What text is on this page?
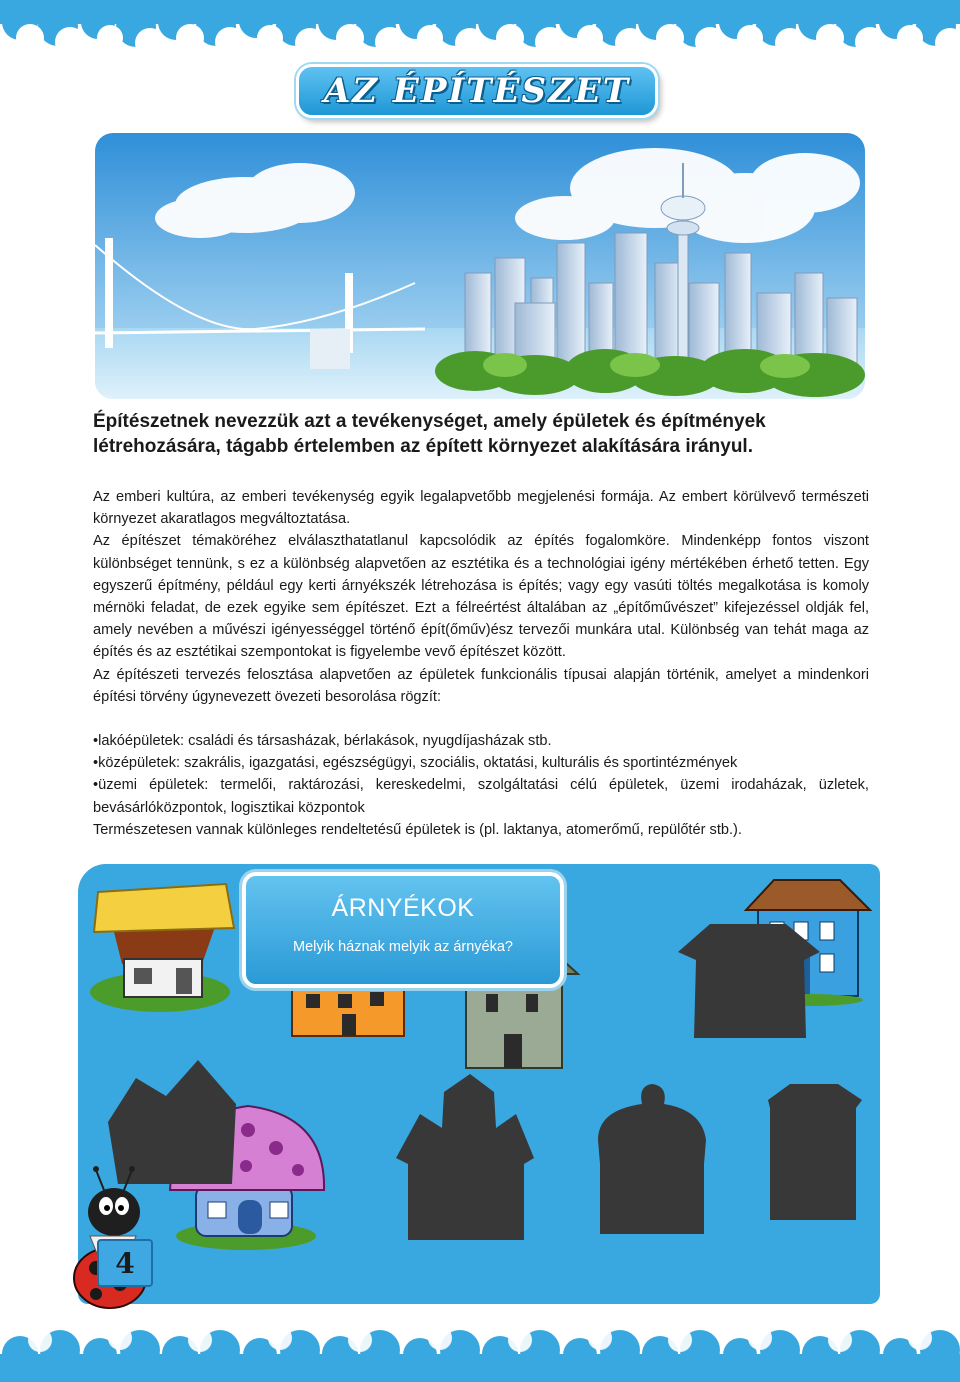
AZ ÉPÍTÉSZET

Építészetnek nevezzük azt a tevékenységet, amely épületek és építmények létrehozására, tágabb értelemben az épített környezet alakítására irányul.

Az emberi kultúra, az emberi tevékenység egyik legalapvetőbb megjelenési formája. Az embert körülvevő természeti környezet akaratlagos megváltoztatása.

Az építészet témaköréhez elválaszthatatlanul kapcsolódik az építés fogalomköre. Mindenképp fontos viszont különbséget tennünk, s ez a különbség alapvetően az esztétika és a technológiai igény mértékében érhető tetten. Egy egyszerű építmény, például egy kerti árnyékszék létrehozása is építés; vagy egy vasúti töltés megalkotása is komoly mérnöki feladat, de ezek egyike sem építészet. Ezt a félreértést általában az „építőművészet” kifejezéssel oldják fel, amely nevében a művészi igényességgel történő épít(őműv)ész tervezői munkára utal. Különbség van tehát maga az építés és az esztétikai szempontokat is figyelembe vevő építészet között.

Az építészeti tervezés felosztása alapvetően az épületek funkcionális típusai alapján történik, amelyet a mindenkori építési törvény úgynevezett övezeti besorolása rögzít:

•lakóépületek: családi és társasházak, bérlakások, nyugdíjasházak stb.

•középületek: szakrális, igazgatási, egészségügyi, szociális, oktatási, kulturális és sportintézmények

•üzemi épületek: termelői, raktározási, kereskedelmi, szolgáltatási célú épületek, üzemi irodaházak, üzletek, bevásárlóközpontok, logisztikai központok

Természetesen vannak különleges rendeltetésű épületek is (pl. laktanya, atomerőmű, repülőtér stb.).

ÁRNYÉKOK
Melyik háznak melyik az árnyéka?
4
